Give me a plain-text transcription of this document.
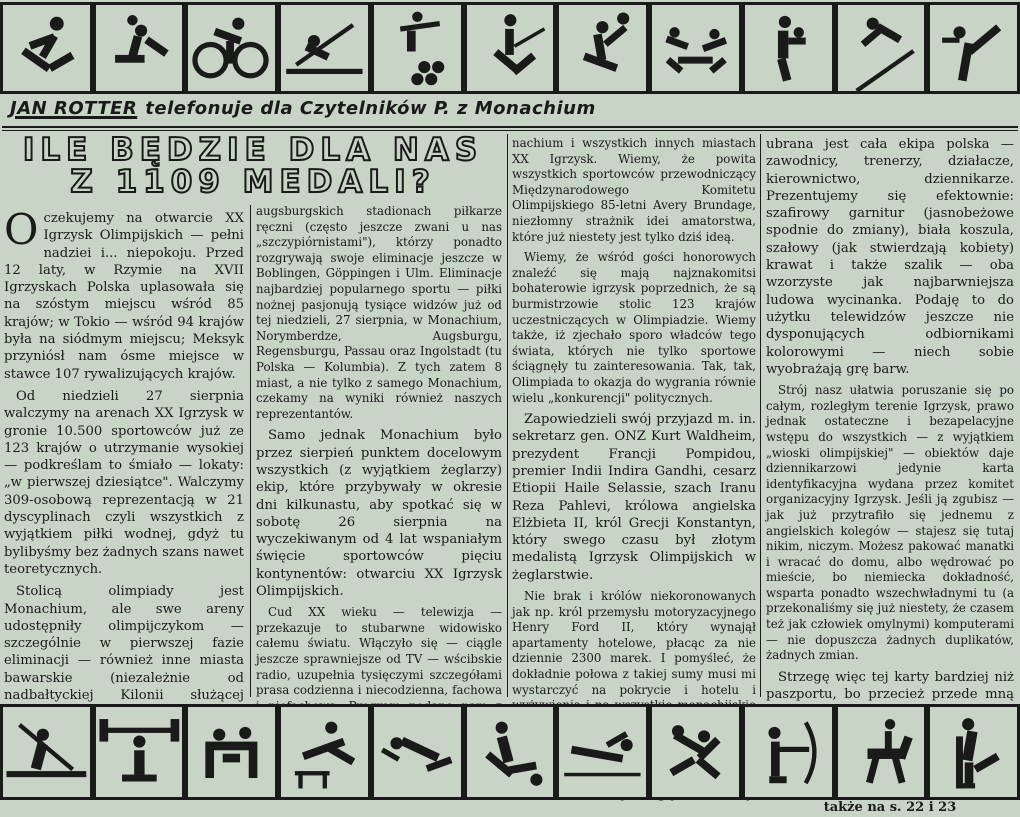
JAN ROTTER telefonuje dla Czytelników P. z Monachium
ILE BĘDZIE DLA NAS
Z 1109 MEDALI?

Oczekujemy na otwarcie XX Igrzysk Olimpijskich — pełni nadziei i... niepokoju. Przed 12 laty, w Rzymie na XVII Igrzyskach Polska uplasowała się na szóstym miejscu wśród 85 krajów; w Tokio — wśród 94 krajów była na siódmym miejscu; Meksyk przyniósł nam ósme miejsce w stawce 107 rywalizujących krajów.

Od niedzieli 27 sierpnia walczymy na arenach XX Igrzysk w gronie 10.500 sportowców już ze 123 krajów o utrzymanie wysokiej — podkreślam to śmiało — lokaty: „w pierwszej dziesiątce". Walczymy 309-osobową reprezentacją w 21 dyscyplinach czyli wszystkich z wyjątkiem piłki wodnej, gdyż tu bylibyśmy bez żadnych szans nawet teoretycznych.

Stolicą olimpiady jest Monachium, ale swe areny udostępniły olimpijczykom — szczególnie w pierwszej fazie eliminacji — również inne miasta bawarskie (niezależnie od nadbałtyckiej Kilonii służącej

augsburgskich stadionach piłkarze ręczni (często jeszcze zwani u nas „szczypiórnistami"), którzy ponadto rozgrywają swoje eliminacje jeszcze w Boblingen, Göppingen i Ulm. Eliminacje najbardziej popularnego sportu — piłki nożnej pasjonują tysiące widzów już od tej niedzieli, 27 sierpnia, w Monachium, Norymberdze, Augsburgu, Regensburgu, Passau oraz Ingolstadt (tu Polska — Kolumbia). Z tych zatem 8 miast, a nie tylko z samego Monachium, czekamy na wyniki również naszych reprezentantów.

Samo jednak Monachium było przez sierpień punktem docelowym wszystkich (z wyjątkiem żeglarzy) ekip, które przybywały w okresie dni kilkunastu, aby spotkać się w sobotę 26 sierpnia na wyczekiwanym od 4 lat wspaniałym święcie sportowców pięciu kontynentów: otwarciu XX Igrzysk Olimpijskich.

Cud XX wieku — telewizja — przekazuje to stubarwne widowisko całemu światu. Włączyło się — ciągle jeszcze sprawniejsze od TV — wścibskie radio, uzupełnia tysięczymi szczegółami prasa codzienna i niecodzienna, fachowa

nachium i wszystkich innych miastach XX Igrzysk. Wiemy, że powita wszystkich sportowców przewodniczący Międzynarodowego Komitetu Olimpijskiego 85-letni Avery Brundage, niezłomny strażnik idei amatorstwa, które już niestety jest tylko dziś ideą.

Wiemy, że wśród gości honorowych znaleźć się mają najznakomitsi bohaterowie igrzysk poprzednich, że są burmistrzowie stolic 123 krajów uczestniczących w Olimpiadzie. Wiemy także, iż zjechało sporo władców tego świata, których nie tylko sportowe ściągnęły tu zainteresowania. Tak, tak, Olimpiada to okazja do wygrania równie wielu „konkurencji" politycznych.

Zapowiedzieli swój przyjazd m. in. sekretarz gen. ONZ Kurt Waldheim, prezydent Francji Pompidou, premier Indii Indira Gandhi, cesarz Etiopii Haile Selassie, szach Iranu Reza Pahlevi, królowa angielska Elżbieta II, król Grecji Konstantyn, który swego czasu był złotym medalistą Igrzysk Olimpijskich w żeglarstwie.

Nie brak i królów niekoronowanych jak np. król przemysłu motoryzacyjnego Henry Ford II, który wynajął apartamenty hotelowe, płacąc za nie dziennie 2300 marek. I pomyśleć, że dokładnie połowa z takiej sumy musi mi wystarczyć na pokrycie i hotelu i

ubrana jest cała ekipa polska — zawodnicy, trenerzy, działacze, kierownictwo, dziennikarze. Prezentujemy się efektownie: szafirowy garnitur (jasnobeżowe spodnie do zmiany), biała koszula, szałowy (jak stwierdzają kobiety) krawat i także szalik — oba wzorzyste jak najbarwniejsza ludowa wycinanka. Podaję to do użytku telewidzów jeszcze nie dysponujących odbiornikami kolorowymi — niech sobie wyobrażają grę barw.

Strój nasz ułatwia poruszanie się po całym, rozległym terenie Igrzysk, prawo jednak ostateczne i bezapelacyjne wstępu do wszystkich — z wyjątkiem „wioski olimpijskiej" — obiektów daje dziennikarzowi jedynie karta identyfikacyjna wydana przez komitet organizacyjny Igrzysk. Jeśli ją zgubisz — jak już przytrafiło się jednemu z angielskich kolegów — stajesz się tutaj nikim, niczym. Możesz pakować manatki i wracać do domu, albo wędrować po mieście, bo niemiecka dokładność, wsparta ponadto wszechwładnymi tu (a przekonaliśmy się już niestety, że czasem też jak człowiek omylnymi) komputerami — nie dopuszcza żadnych duplikatów, żadnych zmian.

Strzegę więc tej karty bardziej niż paszportu, bo przecież przede mną

także na s. 22 i 23
